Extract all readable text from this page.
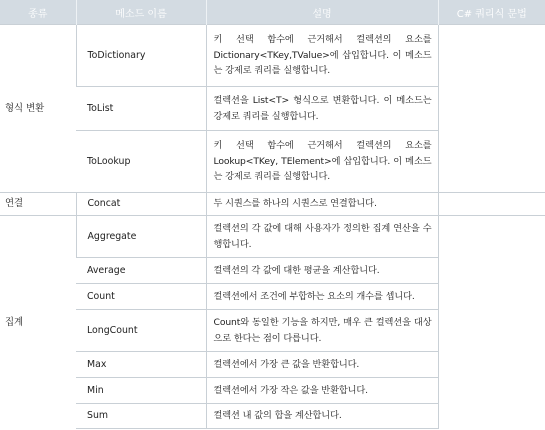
종류	메소드 이름	설명	C# 쿼리식 문법
형식 변환	ToDictionary	키 선택 함수에 근거해서 컬렉션의 요소를 Dictionary<TKey,TValue>에 삽입합니다. 이 메소드는 강제로 쿼리를 실행합니다.	
	ToList	컬렉션을 List<T> 형식으로 변환합니다. 이 메소드는 강제로 쿼리를 실행합니다.	
	ToLookup	키 선택 함수에 근거해서 컬렉션의 요소를 Lookup<TKey, TElement>에 삽입합니다. 이 메소드는 강제로 쿼리를 실행합니다.	
연결	Concat	두 시퀀스를 하나의 시퀀스로 연결합니다.	
집계	Aggregate	컬렉션의 각 값에 대해 사용자가 정의한 집계 연산을 수행합니다.	
	Average	컬렉션의 각 값에 대한 평균을 계산합니다.	
	Count	컬렉션에서 조건에 부합하는 요소의 개수를 셉니다.	
	LongCount	Count와 동일한 기능을 하지만, 매우 큰 컬렉션을 대상으로 한다는 점이 다릅니다.	
	Max	컬렉션에서 가장 큰 값을 반환합니다.	
	Min	컬렉션에서 가장 작은 값을 반환합니다.	
	Sum	컬렉션 내 값의 합을 계산합니다.	
